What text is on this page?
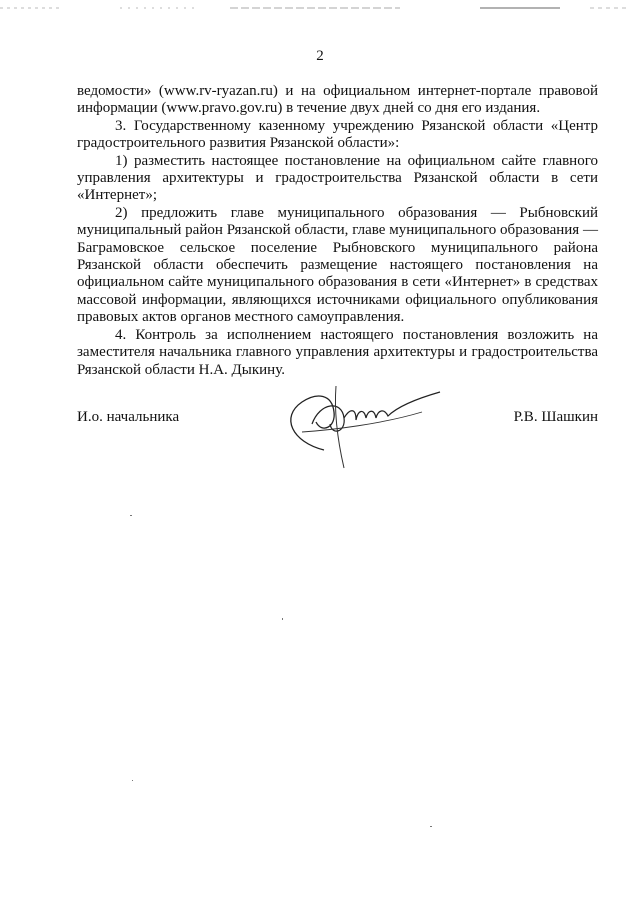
2

ведомости» (www.rv-ryazan.ru) и на официальном интернет-портале правовой информации (www.pravo.gov.ru) в течение двух дней со дня его издания.

3. Государственному казенному учреждению Рязанской области «Центр градостроительного развития Рязанской области»:

1) разместить настоящее постановление на официальном сайте главного управления архитектуры и градостроительства Рязанской области в сети «Интернет»;

2) предложить главе муниципального образования — Рыбновский муниципальный район Рязанской области, главе муниципального образования — Баграмовское сельское поселение Рыбновского муниципального района Рязанской области обеспечить размещение настоящего постановления на официальном сайте муниципального образования в сети «Интернет» в средствах массовой информации, являющихся источниками официального опубликования правовых актов органов местного самоуправления.

4. Контроль за исполнением настоящего постановления возложить на заместителя начальника главного управления архитектуры и градостроительства Рязанской области Н.А. Дыкину.

И.о. начальника	Р.В. Шашкин
